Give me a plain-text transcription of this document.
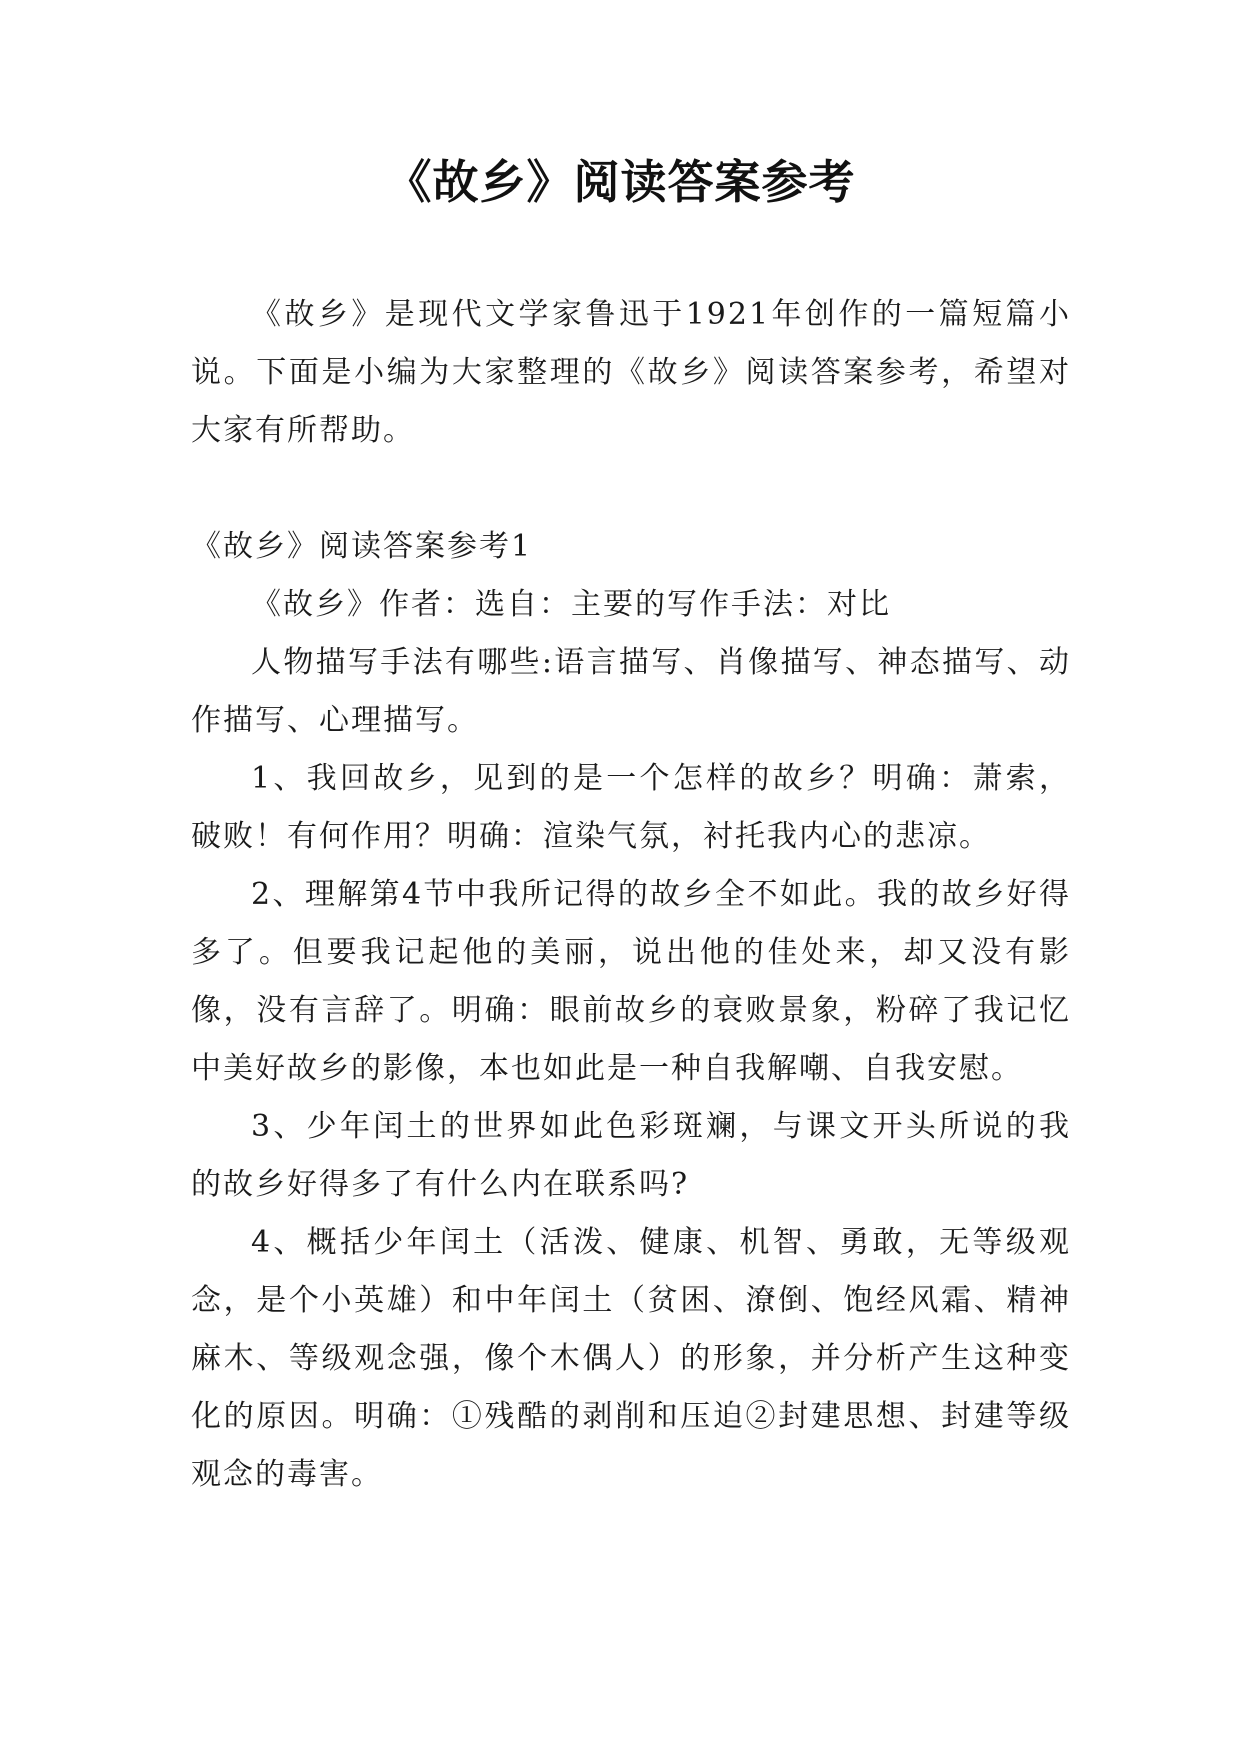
《故乡》阅读答案参考

《故乡》是现代文学家鲁迅于1921年创作的一篇短篇小说。下面是小编为大家整理的《故乡》阅读答案参考，希望对大家有所帮助。

《故乡》阅读答案参考1

《故乡》作者：选自：主要的写作手法：对比

人物描写手法有哪些:语言描写、肖像描写、神态描写、动作描写、心理描写。

1、我回故乡，见到的是一个怎样的故乡？明确：萧索，破败！有何作用？明确：渲染气氛，衬托我内心的悲凉。

2、理解第4节中我所记得的故乡全不如此。我的故乡好得多了。但要我记起他的美丽，说出他的佳处来，却又没有影像，没有言辞了。明确：眼前故乡的衰败景象，粉碎了我记忆中美好故乡的影像，本也如此是一种自我解嘲、自我安慰。

3、少年闰土的世界如此色彩斑斓，与课文开头所说的我的故乡好得多了有什么内在联系吗?

4、概括少年闰土（活泼、健康、机智、勇敢，无等级观念，是个小英雄）和中年闰土（贫困、潦倒、饱经风霜、精神麻木、等级观念强，像个木偶人）的形象，并分析产生这种变化的原因。明确：①残酷的剥削和压迫②封建思想、封建等级观念的毒害。
